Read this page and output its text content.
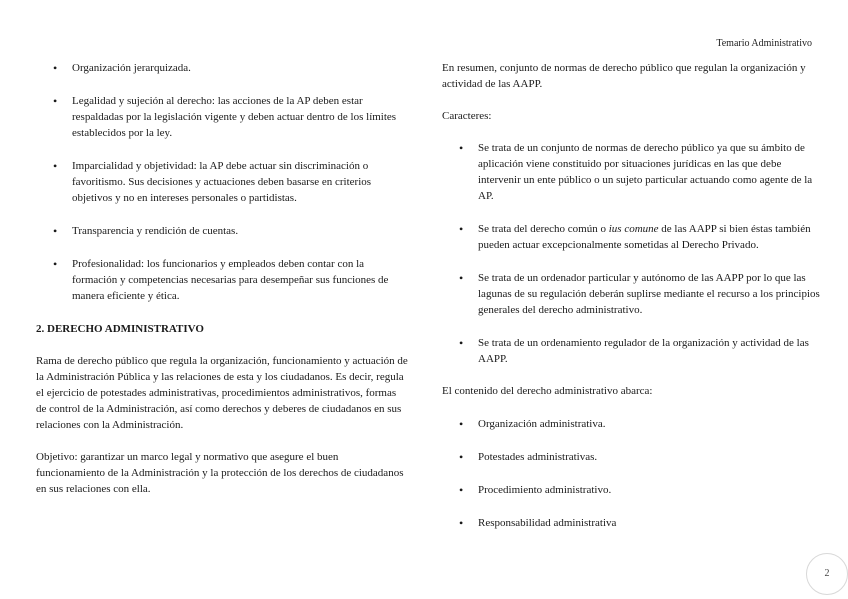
Temario Administrativo
• Organización jerarquizada.
• Legalidad y sujeción al derecho: las acciones de la AP deben estar respaldadas por la legislación vigente y deben actuar dentro de los límites establecidos por la ley.
• Imparcialidad y objetividad: la AP debe actuar sin discriminación o favoritismo. Sus decisiones y actuaciones deben basarse en criterios objetivos y no en intereses personales o partidistas.
• Transparencia y rendición de cuentas.
• Profesionalidad: los funcionarios y empleados deben contar con la formación y competencias necesarias para desempeñar sus funciones de manera eficiente y ética.

2. DERECHO ADMINISTRATIVO

Rama de derecho público que regula la organización, funcionamiento y actuación de la Administración Pública y las relaciones de esta y los ciudadanos. Es decir, regula el ejercicio de potestades administrativas, procedimientos administrativos, formas de control de la Administración, así como derechos y deberes de ciudadanos en sus relaciones con la Administración.

Objetivo: garantizar un marco legal y normativo que asegure el buen funcionamiento de la Administración y la protección de los derechos de ciudadanos en sus relaciones con ella.

En resumen, conjunto de normas de derecho público que regulan la organización y actividad de las AAPP.

Caracteres:

• Se trata de un conjunto de normas de derecho público ya que su ámbito de aplicación viene constituido por situaciones jurídicas en las que debe intervenir un ente público o un sujeto particular actuando como agente de la AP.
• Se trata del derecho común o ius comune de las AAPP si bien éstas también pueden actuar excepcionalmente sometidas al Derecho Privado.
• Se trata de un ordenador particular y autónomo de las AAPP por lo que las lagunas de su regulación deberán suplirse mediante el recurso a los principios generales del derecho administrativo.
• Se trata de un ordenamiento regulador de la organización y actividad de las AAPP.

El contenido del derecho administrativo abarca:

• Organización administrativa.
• Potestades administrativas.
• Procedimiento administrativo.
• Responsabilidad administrativa
2
